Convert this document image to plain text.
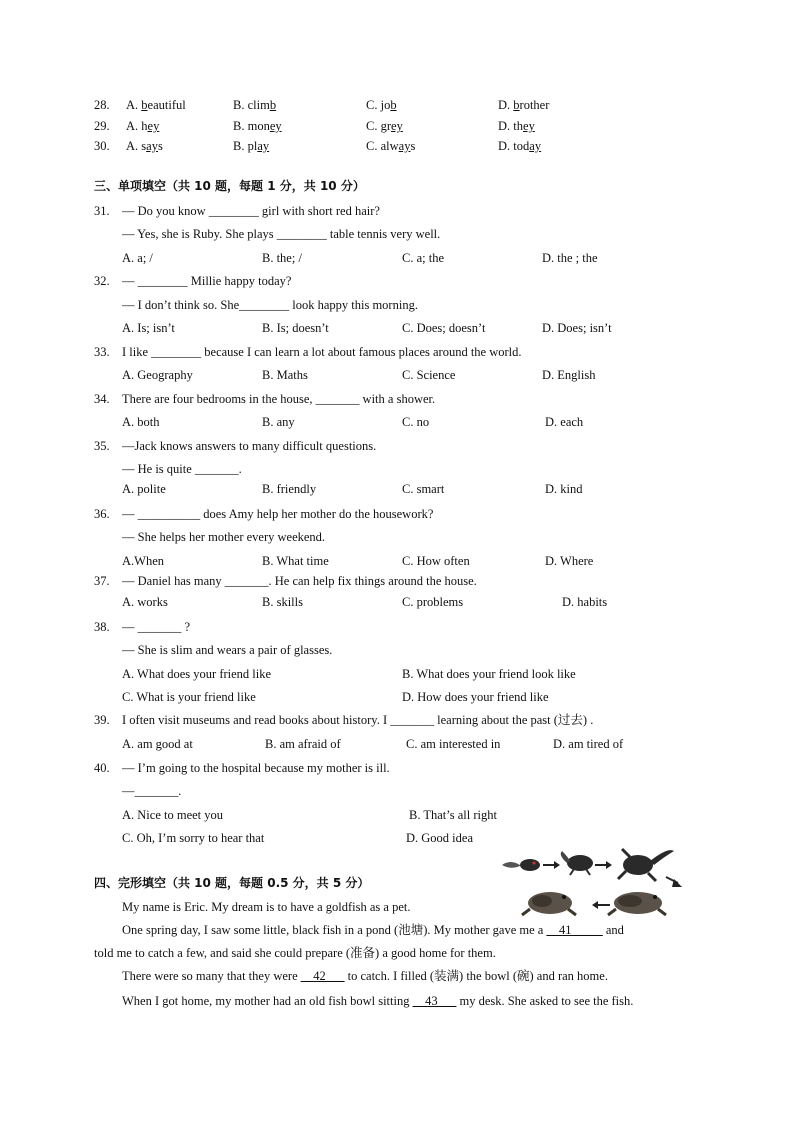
28. A. beautiful	B. climb	C. job	D. brother
29. A. hey	B. money	C. grey	D. they
30. A. says	B. play	C. always	D. today
三、单项填空（共 10 题，每题 1 分，共 10 分）
31. — Do you know ________ girl with short red hair?
— Yes, she is Ruby. She plays ________ table tennis very well.
A. a; /	B. the; /	C. a; the	D. the ; the
32. — ________ Millie happy today?
— I don’t think so. She________ look happy this morning.
A. Is; isn’t	B. Is; doesn’t	C. Does; doesn’t	D. Does; isn’t
33. I like ________ because I can learn a lot about famous places around the world.
A. Geography	B. Maths	C. Science	D. English
34. There are four bedrooms in the house, _______ with a shower.
A. both	B. any	C. no	D. each
35. —Jack knows answers to many difficult questions.
— He is quite _______.
A. polite	B. friendly	C. smart	D. kind
36. — __________ does Amy help her mother do the housework?
— She helps her mother every weekend.
A.When	B. What time	C. How often	D. Where
37. — Daniel has many _______. He can help fix things around the house.
A. works	B. skills	C. problems	D. habits
38. — _______ ?
— She is slim and wears a pair of glasses.
A. What does your friend like	B. What does your friend look like
C. What is your friend like	D. How does your friend like
39. I often visit museums and read books about history. I _______ learning about the past (过去) .
A. am good at	B. am afraid of	C. am interested in	D. am tired of
40. — I’m going to the hospital because my mother is ill.
—_______.
A. Nice to meet you	B. That’s all right
C. Oh, I’m sorry to hear that	D. Good idea
四、完形填空（共 10 题，每题 0.5 分，共 5 分）
My name is Eric. My dream is to have a goldfish as a pet.
One spring day, I saw some little, black fish in a pond (池塘). My mother gave me a __41_____ and
told me to catch a few, and said she could prepare (准备) a good home for them.
There were so many that they were __42___ to catch. I filled (装满) the bowl (碗) and ran home.
When I got home, my mother had an old fish bowl sitting __43___ my desk. She asked to see the fish.
